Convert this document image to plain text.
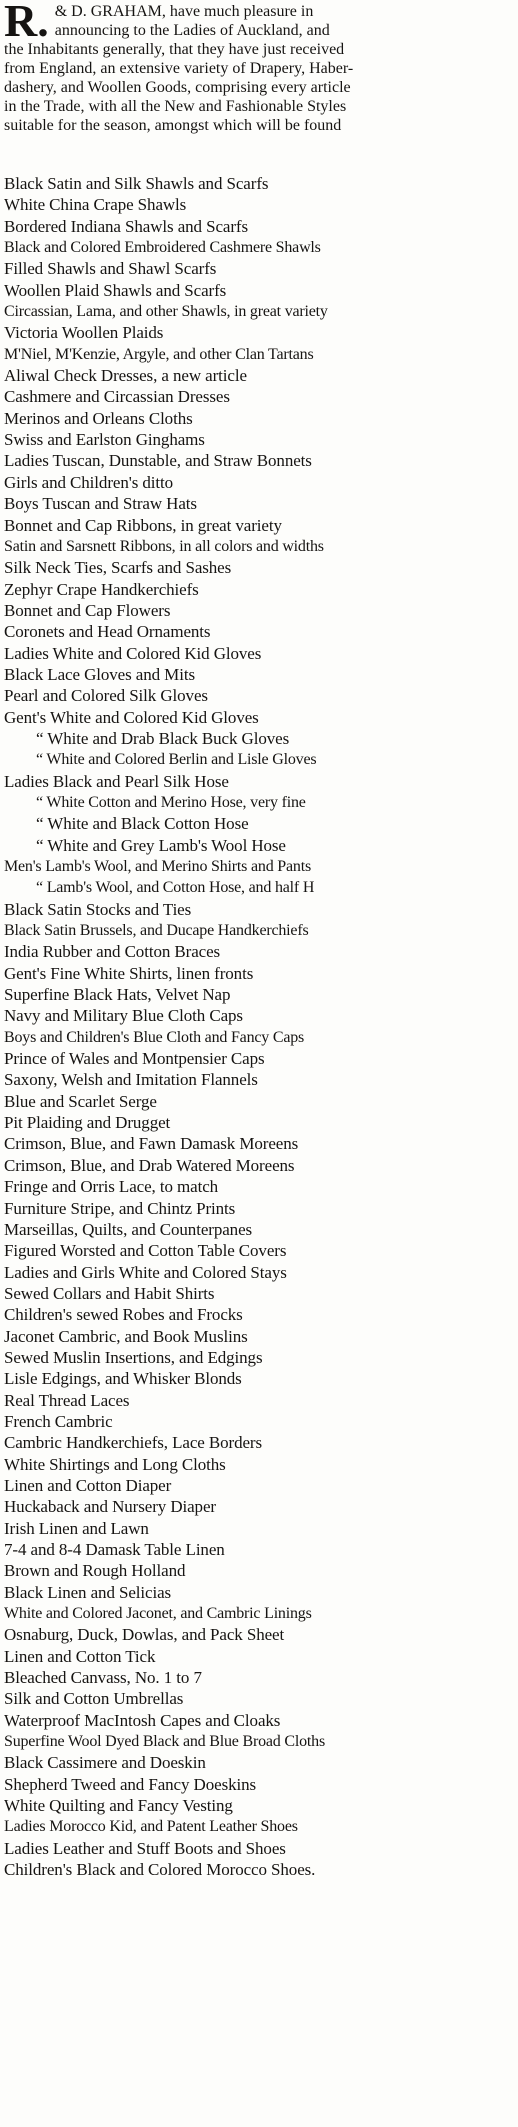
R. & D. GRAHAM, have much pleasure in
announcing to the Ladies of Auckland, and
the Inhabitants generally, that they have just received
from England, an extensive variety of Drapery, Haber-
dashery, and Woollen Goods, comprising every article
in the Trade, with all the New and Fashionable Styles
suitable for the season, amongst which will be found
Black Satin and Silk Shawls and Scarfs
White China Crape Shawls
Bordered Indiana Shawls and Scarfs
Black and Colored Embroidered Cashmere Shawls
Filled Shawls and Shawl Scarfs
Woollen Plaid Shawls and Scarfs
Circassian, Lama, and other Shawls, in great variety
Victoria Woollen Plaids
M'Niel, M'Kenzie, Argyle, and other Clan Tartans
Aliwal Check Dresses, a new article
Cashmere and Circassian Dresses
Merinos and Orleans Cloths
Swiss and Earlston Ginghams
Ladies Tuscan, Dunstable, and Straw Bonnets
Girls and Children's ditto
Boys Tuscan and Straw Hats
Bonnet and Cap Ribbons, in great variety
Satin and Sarsnett Ribbons, in all colors and widths
Silk Neck Ties, Scarfs and Sashes
Zephyr Crape Handkerchiefs
Bonnet and Cap Flowers
Coronets and Head Ornaments
Ladies White and Colored Kid Gloves
Black Lace Gloves and Mits
Pearl and Colored Silk Gloves
Gent's White and Colored Kid Gloves
“ White and Drab Black Buck Gloves
“ White and Colored Berlin and Lisle Gloves
Ladies Black and Pearl Silk Hose
“ White Cotton and Merino Hose, very fine
“ White and Black Cotton Hose
“ White and Grey Lamb's Wool Hose
Men's Lamb's Wool, and Merino Shirts and Pants
“ Lamb's Wool, and Cotton Hose, and half H
Black Satin Stocks and Ties
Black Satin Brussels, and Ducape Handkerchiefs
India Rubber and Cotton Braces
Gent's Fine White Shirts, linen fronts
Superfine Black Hats, Velvet Nap
Navy and Military Blue Cloth Caps
Boys and Children's Blue Cloth and Fancy Caps
Prince of Wales and Montpensier Caps
Saxony, Welsh and Imitation Flannels
Blue and Scarlet Serge
Pit Plaiding and Drugget
Crimson, Blue, and Fawn Damask Moreens
Crimson, Blue, and Drab Watered Moreens
Fringe and Orris Lace, to match
Furniture Stripe, and Chintz Prints
Marseillas, Quilts, and Counterpanes
Figured Worsted and Cotton Table Covers
Ladies and Girls White and Colored Stays
Sewed Collars and Habit Shirts
Children's sewed Robes and Frocks
Jaconet Cambric, and Book Muslins
Sewed Muslin Insertions, and Edgings
Lisle Edgings, and Whisker Blonds
Real Thread Laces
French Cambric
Cambric Handkerchiefs, Lace Borders
White Shirtings and Long Cloths
Linen and Cotton Diaper
Huckaback and Nursery Diaper
Irish Linen and Lawn
7-4 and 8-4 Damask Table Linen
Brown and Rough Holland
Black Linen and Selicias
White and Colored Jaconet, and Cambric Linings
Osnaburg, Duck, Dowlas, and Pack Sheet
Linen and Cotton Tick
Bleached Canvass, No. 1 to 7
Silk and Cotton Umbrellas
Waterproof MacIntosh Capes and Cloaks
Superfine Wool Dyed Black and Blue Broad Cloths
Black Cassimere and Doeskin
Shepherd Tweed and Fancy Doeskins
White Quilting and Fancy Vesting
Ladies Morocco Kid, and Patent Leather Shoes
Ladies Leather and Stuff Boots and Shoes
Children's Black and Colored Morocco Shoes.
